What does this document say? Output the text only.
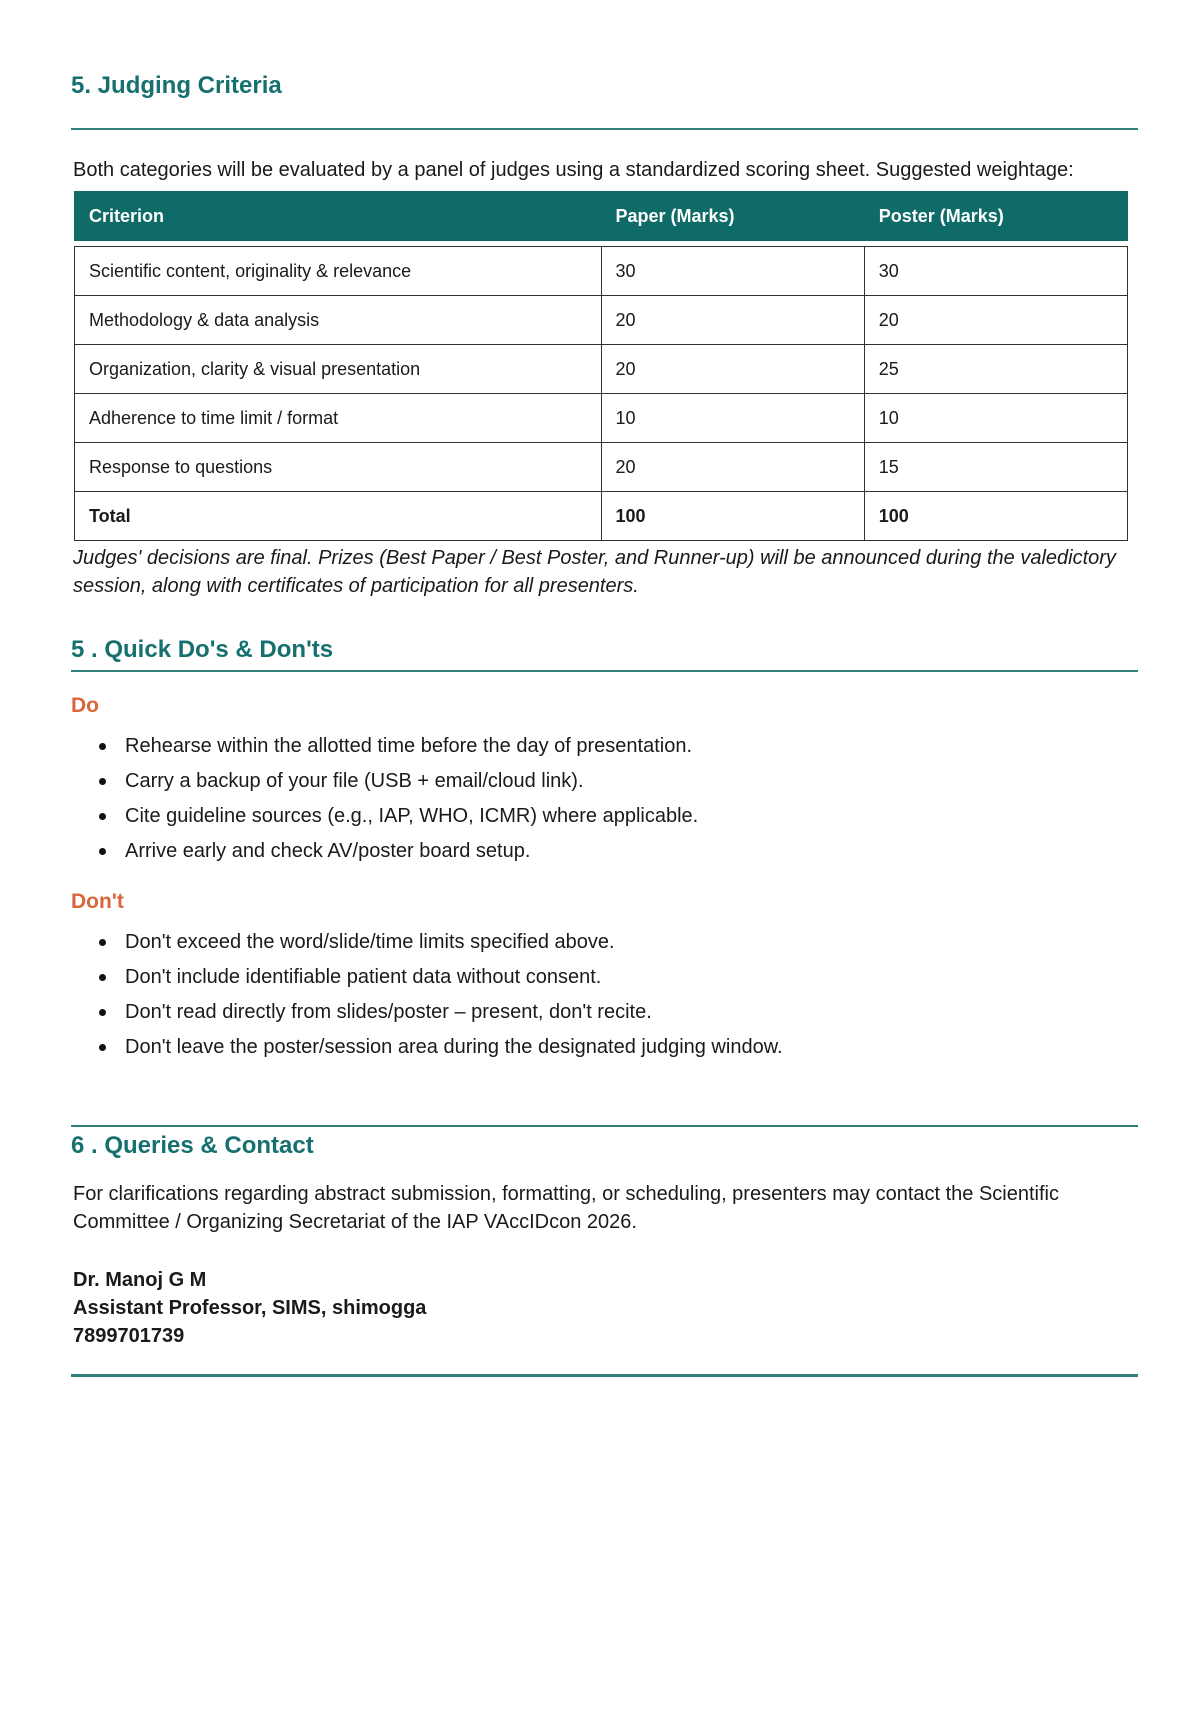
5. Judging Criteria

Both categories will be evaluated by a panel of judges using a standardized scoring sheet. Suggested weightage:

Criterion	Paper (Marks)	Poster (Marks)

Scientific content, originality & relevance	30	30
Methodology & data analysis	20	20
Organization, clarity & visual presentation	20	25
Adherence to time limit / format	10	10
Response to questions	20	15
Total	100	100

Judges' decisions are final. Prizes (Best Paper / Best Poster, and Runner-up) will be announced during the valedictory session, along with certificates of participation for all presenters.

5 . Quick Do's & Don'ts

Do

Rehearse within the allotted time before the day of presentation.
Carry a backup of your file (USB + email/cloud link).
Cite guideline sources (e.g., IAP, WHO, ICMR) where applicable.
Arrive early and check AV/poster board setup.

Don't

Don't exceed the word/slide/time limits specified above.
Don't include identifiable patient data without consent.
Don't read directly from slides/poster – present, don't recite.
Don't leave the poster/session area during the designated judging window.
6 . Queries & Contact

For clarifications regarding abstract submission, formatting, or scheduling, presenters may contact the Scientific Committee / Organizing Secretariat of the IAP VAccIDcon 2026.

Dr. Manoj G M

Assistant Professor, SIMS, shimogga

7899701739
